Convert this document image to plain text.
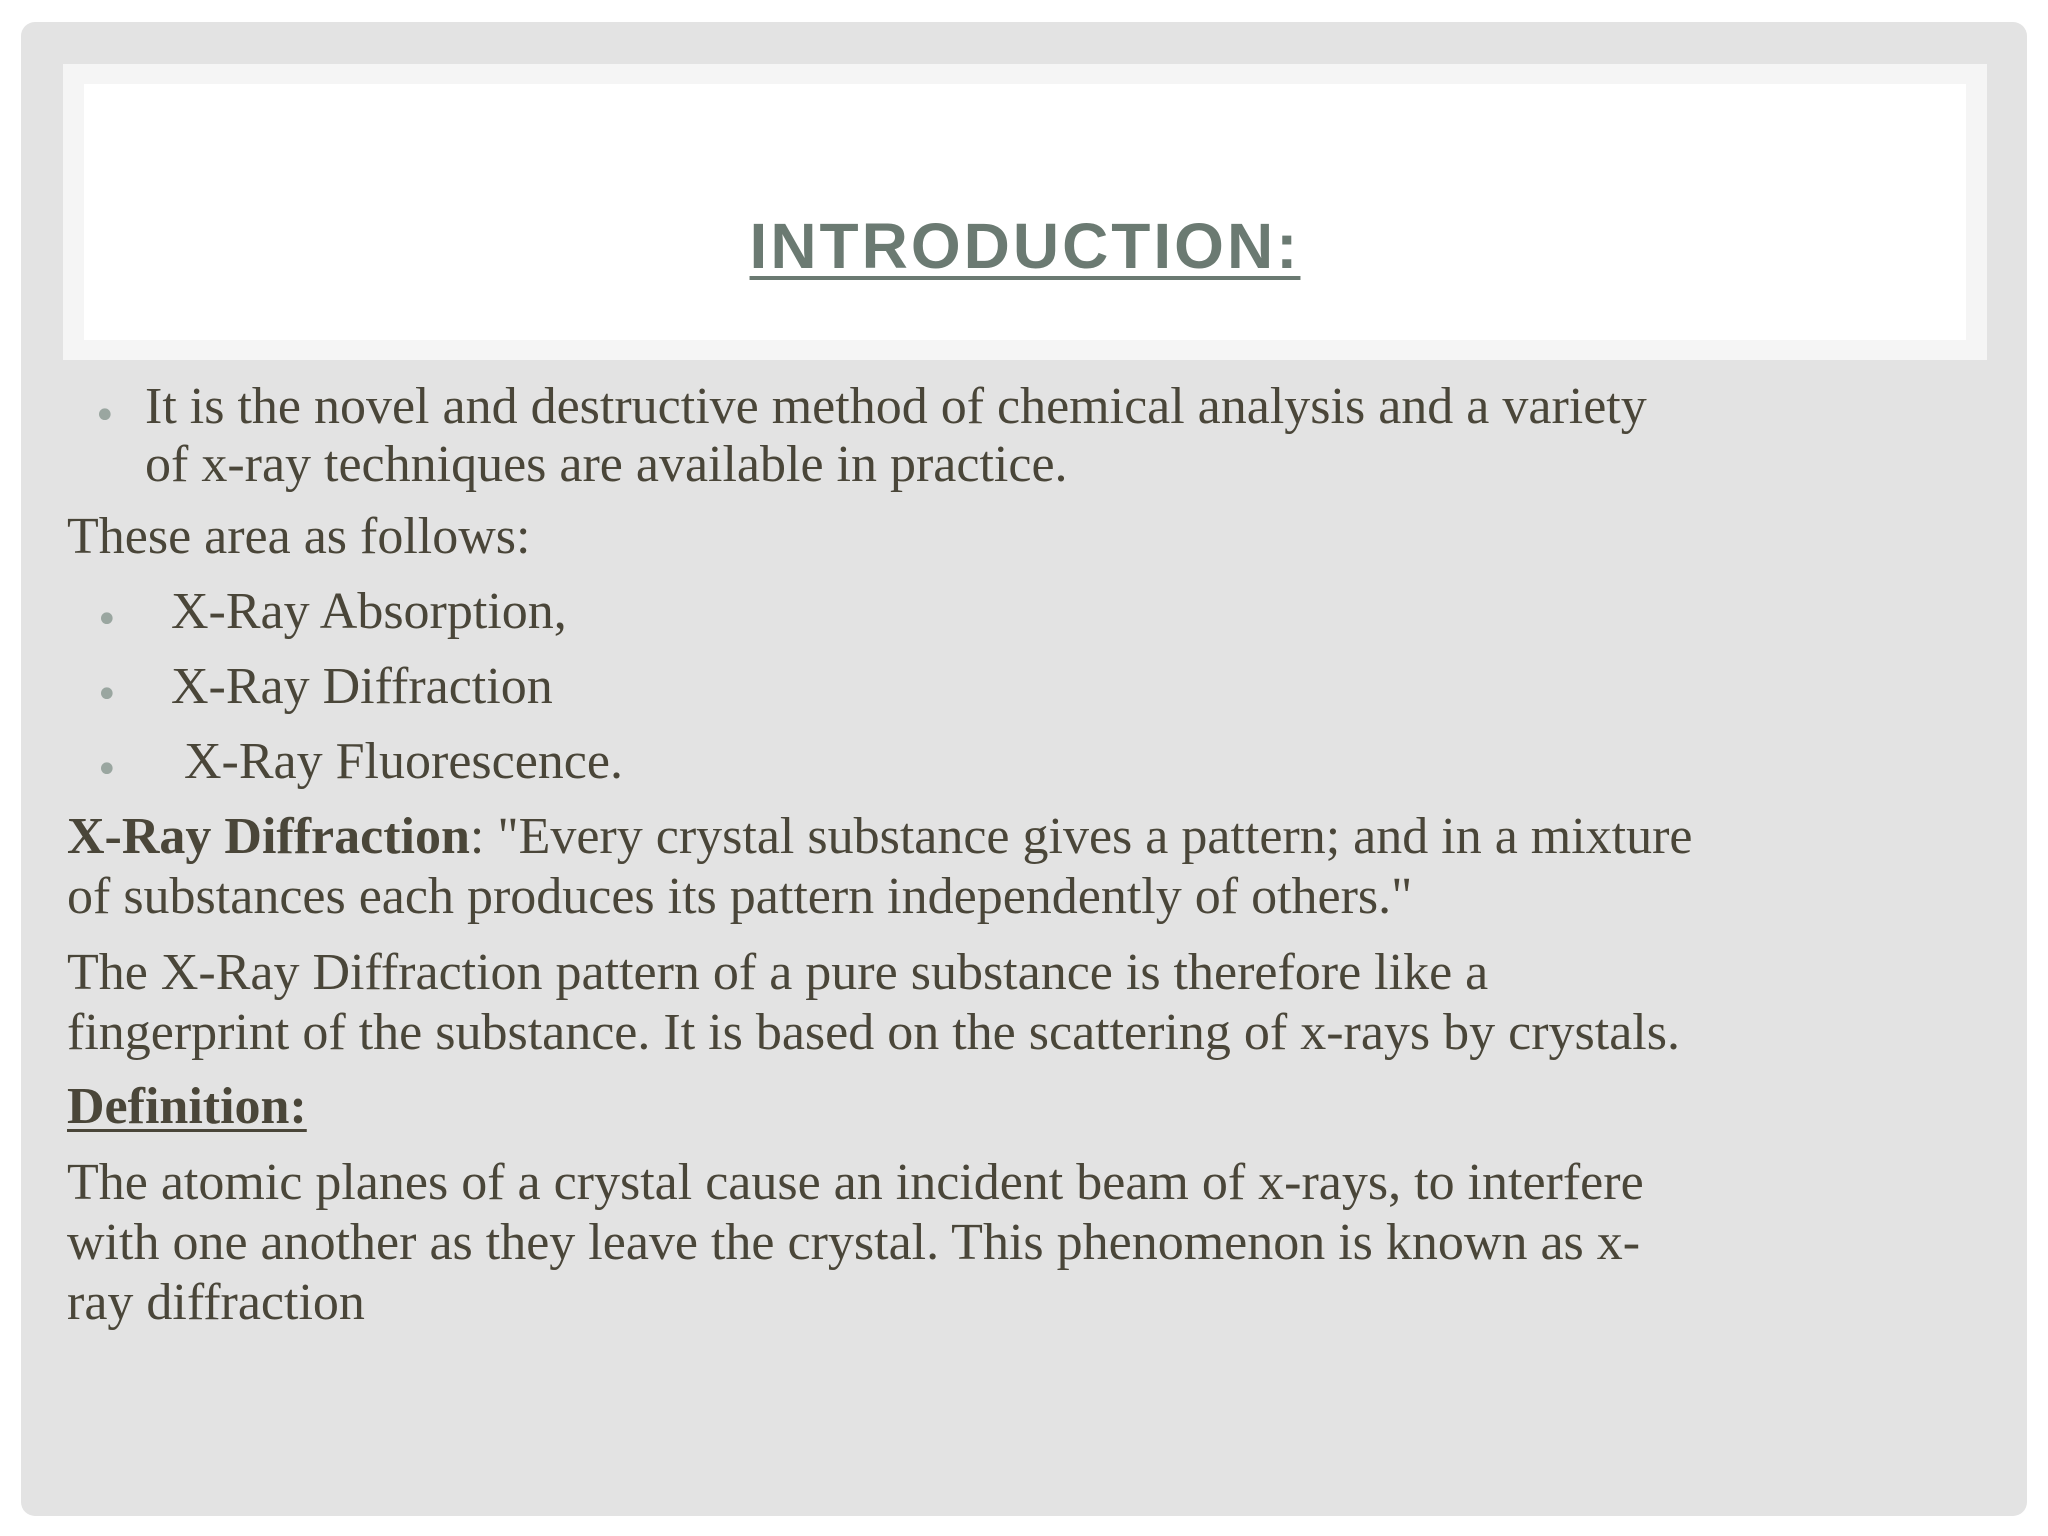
INTRODUCTION:
• It is the novel and destructive method of chemical analysis and a variety
of x-ray techniques are available in practice.
These area as follows:
• X-Ray Absorption,
• X-Ray Diffraction
• X-Ray Fluorescence.
X-Ray Diffraction: "Every crystal substance gives a pattern; and in a mixture
of substances each produces its pattern independently of others."
The X-Ray Diffraction pattern of a pure substance is therefore like a
fingerprint of the substance. It is based on the scattering of x-rays by crystals.
Definition:
The atomic planes of a crystal cause an incident beam of x-rays, to interfere
with one another as they leave the crystal. This phenomenon is known as x-
ray diffraction
